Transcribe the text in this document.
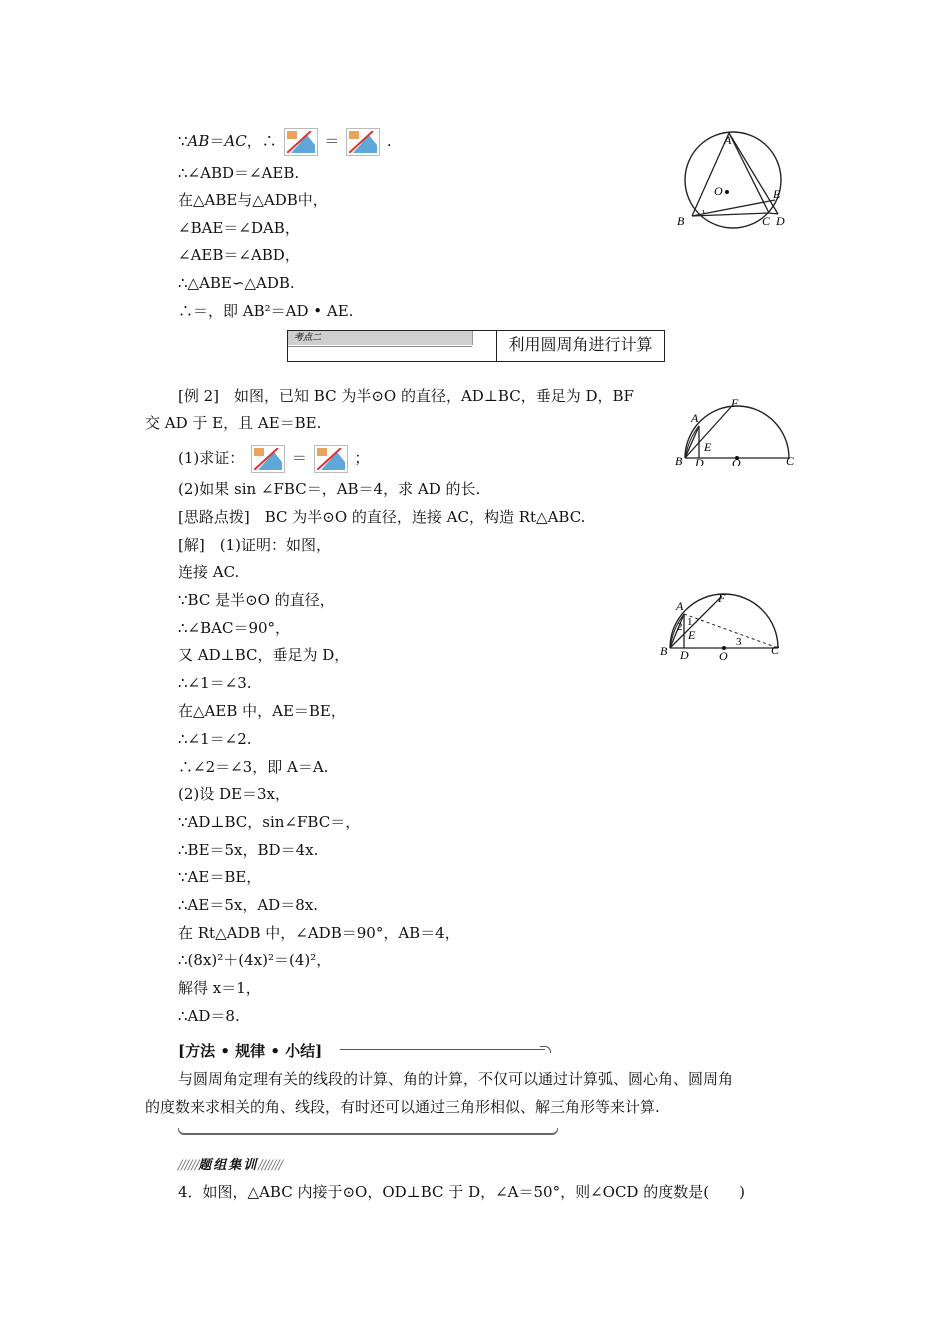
∵AB＝AC，∴	＝	.
∴∠ABD＝∠AEB.
在△ABE与△ADB中，
∠BAE＝∠DAB，
∠AEB＝∠ABD，
∴△ABE∽△ADB.
∴＝，即 AB²＝AD • AE.
A
O	E
B	C D
考点二	利用圆周角进行计算
[例 2]　如图，已知 BC 为半⊙O 的直径，AD⊥BC，垂足为 D，BF
交 AD 于 E，且 AE＝BE.
(1)求证：	＝	；
(2)如果 sin ∠FBC＝，AB＝4，求 AD 的长.
[思路点拨]　BC 为半⊙O 的直径，连接 AC，构造 Rt△ABC.
[解]　(1)证明：如图，
连接 AC.
∵BC 是半⊙O 的直径，
∴∠BAC＝90°，
又 AD⊥BC，垂足为 D，
∴∠1＝∠3.
在△AEB 中，AE＝BE，
∴∠1＝∠2.
∴∠2＝∠3，即 A＝A.
(2)设 DE＝3x，
∵AD⊥BC，sin∠FBC＝，
∴BE＝5x，BD＝4x.
∵AE＝BE，
∴AE＝5x，AD＝8x.
在 Rt△ADB 中，∠ADB＝90°，AB＝4，
∴(8x)²＋(4x)²＝(4)²，
解得 x＝1，
∴AD＝8.
A
F
E
B D O	C
A
F
1
2
E	3
B D	O	C
[方法 • 规律 • 小结]
与圆周角定理有关的线段的计算、角的计算，不仅可以通过计算弧、圆心角、圆周角
的度数来求相关的角、线段，有时还可以通过三角形相似、解三角形等来计算.
//////题组集训///////
4．如图，△ABC 内接于⊙O，OD⊥BC 于 D，∠A＝50°，则∠OCD 的度数是(　　)
